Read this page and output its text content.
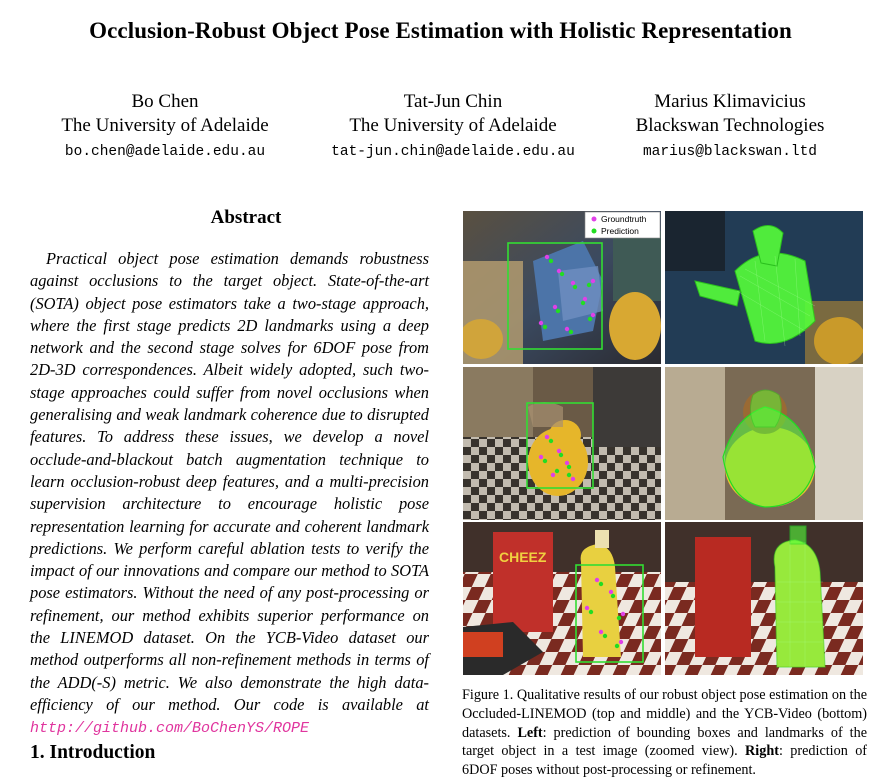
Occlusion-Robust Object Pose Estimation with Holistic Representation
Bo Chen
The University of Adelaide
bo.chen@adelaide.edu.au
Tat-Jun Chin
The University of Adelaide
tat-jun.chin@adelaide.edu.au
Marius Klimavicius
Blackswan Technologies
marius@blackswan.ltd
Abstract
Practical object pose estimation demands robustness against occlusions to the target object. State-of-the-art (SOTA) object pose estimators take a two-stage approach, where the first stage predicts 2D landmarks using a deep network and the second stage solves for 6DOF pose from 2D-3D correspondences. Albeit widely adopted, such two-stage approaches could suffer from novel occlusions when generalising and weak landmark coherence due to disrupted features. To address these issues, we develop a novel occlude-and-blackout batch augmentation technique to learn occlusion-robust deep features, and a multi-precision supervision architecture to encourage holistic pose representation learning for accurate and coherent landmark predictions. We perform careful ablation tests to verify the impact of our innovations and compare our method to SOTA pose estimators. Without the need of any post-processing or refinement, our method exhibits superior performance on the LINEMOD dataset. On the YCB-Video dataset our method outperforms all non-refinement methods in terms of the ADD(-S) metric. We also demonstrate the high data-efficiency of our method. Our code is available at http://github.com/BoChenYS/ROPE
1. Introduction
Groundtruth
Prediction
CHEEZ
Figure 1. Qualitative results of our robust object pose estimation on the Occluded-LINEMOD (top and middle) and the YCB-Video (bottom) datasets. Left: prediction of bounding boxes and landmarks of the target object in a test image (zoomed view). Right: prediction of 6DOF poses without post-processing or refinement.
